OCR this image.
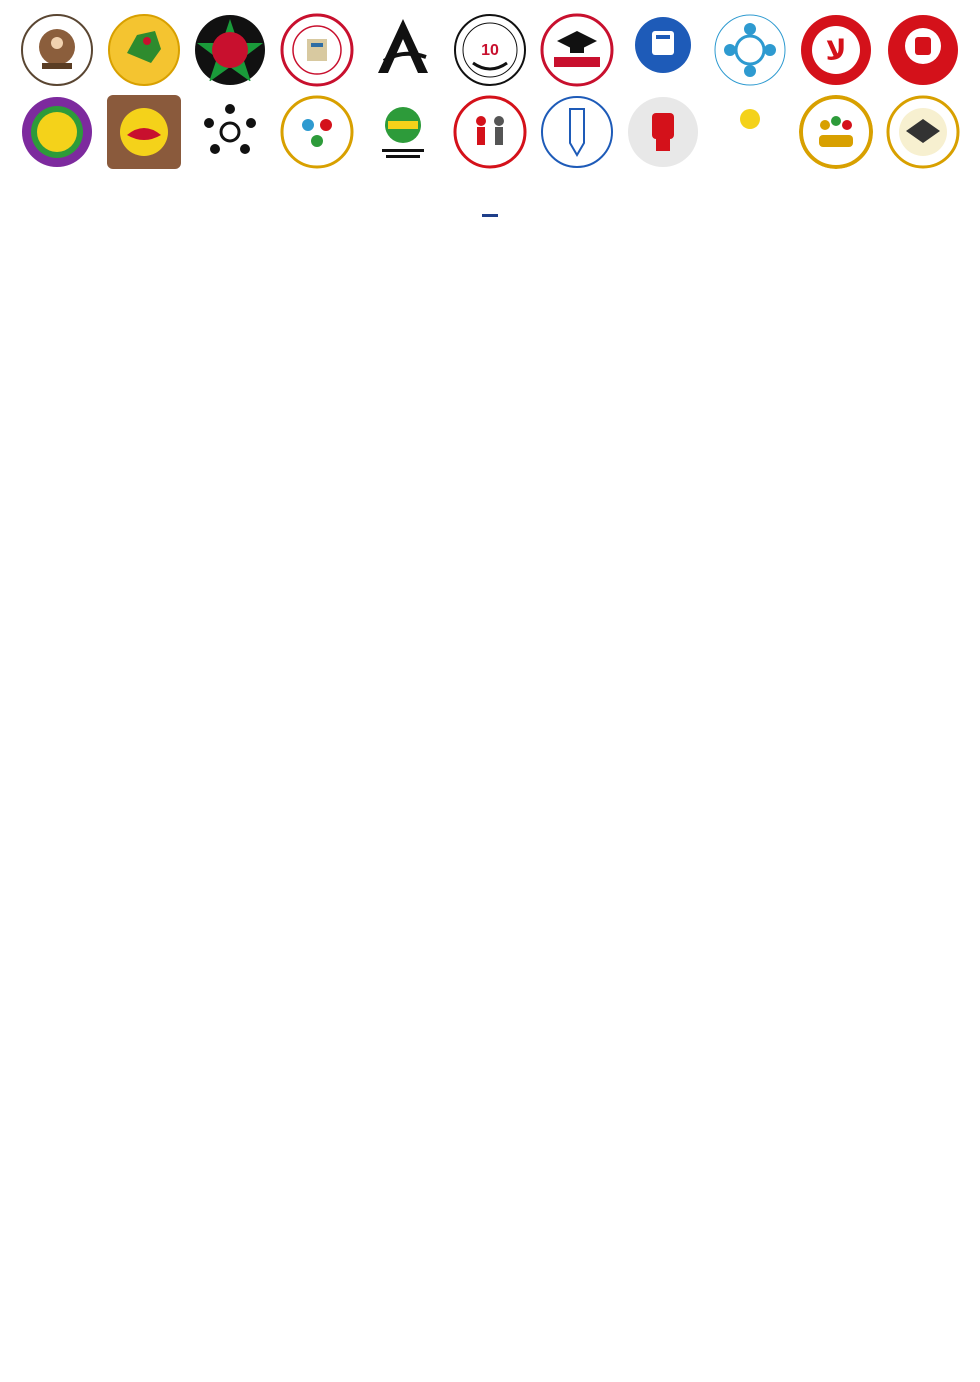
10	لا
